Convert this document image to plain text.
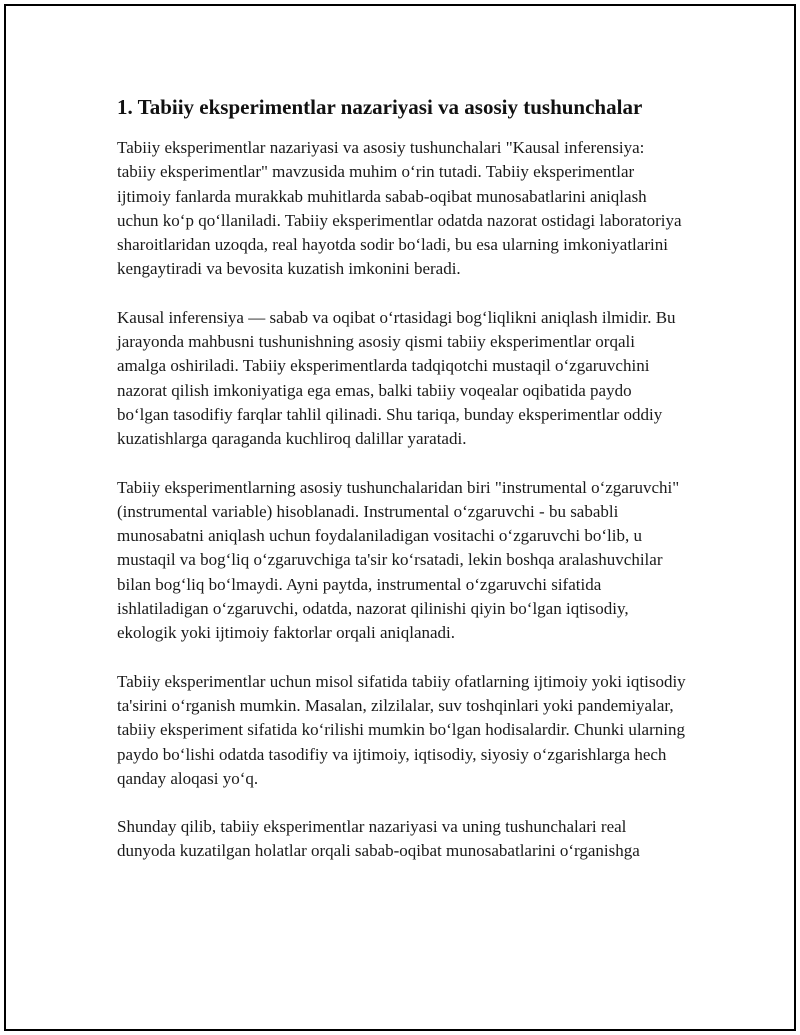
1. Tabiiy eksperimentlar nazariyasi va asosiy tushunchalar

Tabiiy eksperimentlar nazariyasi va asosiy tushunchalari "Kausal inferensiya: tabiiy eksperimentlar" mavzusida muhim o‘rin tutadi. Tabiiy eksperimentlar ijtimoiy fanlarda murakkab muhitlarda sabab-oqibat munosabatlarini aniqlash uchun ko‘p qo‘llaniladi. Tabiiy eksperimentlar odatda nazorat ostidagi laboratoriya sharoitlaridan uzoqda, real hayotda sodir bo‘ladi, bu esa ularning imkoniyatlarini kengaytiradi va bevosita kuzatish imkonini beradi.

Kausal inferensiya — sabab va oqibat o‘rtasidagi bog‘liqlikni aniqlash ilmidir. Bu jarayonda mahbusni tushunishning asosiy qismi tabiiy eksperimentlar orqali amalga oshiriladi. Tabiiy eksperimentlarda tadqiqotchi mustaqil o‘zgaruvchini nazorat qilish imkoniyatiga ega emas, balki tabiiy voqealar oqibatida paydo bo‘lgan tasodifiy farqlar tahlil qilinadi. Shu tariqa, bunday eksperimentlar oddiy kuzatishlarga qaraganda kuchliroq dalillar yaratadi.

Tabiiy eksperimentlarning asosiy tushunchalaridan biri "instrumental o‘zgaruvchi" (instrumental variable) hisoblanadi. Instrumental o‘zgaruvchi - bu sababli munosabatni aniqlash uchun foydalaniladigan vositachi o‘zgaruvchi bo‘lib, u mustaqil va bog‘liq o‘zgaruvchiga ta'sir ko‘rsatadi, lekin boshqa aralashuvchilar bilan bog‘liq bo‘lmaydi. Ayni paytda, instrumental o‘zgaruvchi sifatida ishlatiladigan o‘zgaruvchi, odatda, nazorat qilinishi qiyin bo‘lgan iqtisodiy, ekologik yoki ijtimoiy faktorlar orqali aniqlanadi.

Tabiiy eksperimentlar uchun misol sifatida tabiiy ofatlarning ijtimoiy yoki iqtisodiy ta'sirini o‘rganish mumkin. Masalan, zilzilalar, suv toshqinlari yoki pandemiyalar, tabiiy eksperiment sifatida ko‘rilishi mumkin bo‘lgan hodisalardir. Chunki ularning paydo bo‘lishi odatda tasodifiy va ijtimoiy, iqtisodiy, siyosiy o‘zgarishlarga hech qanday aloqasi yo‘q.

Shunday qilib, tabiiy eksperimentlar nazariyasi va uning tushunchalari real dunyoda kuzatilgan holatlar orqali sabab-oqibat munosabatlarini o‘rganishga
